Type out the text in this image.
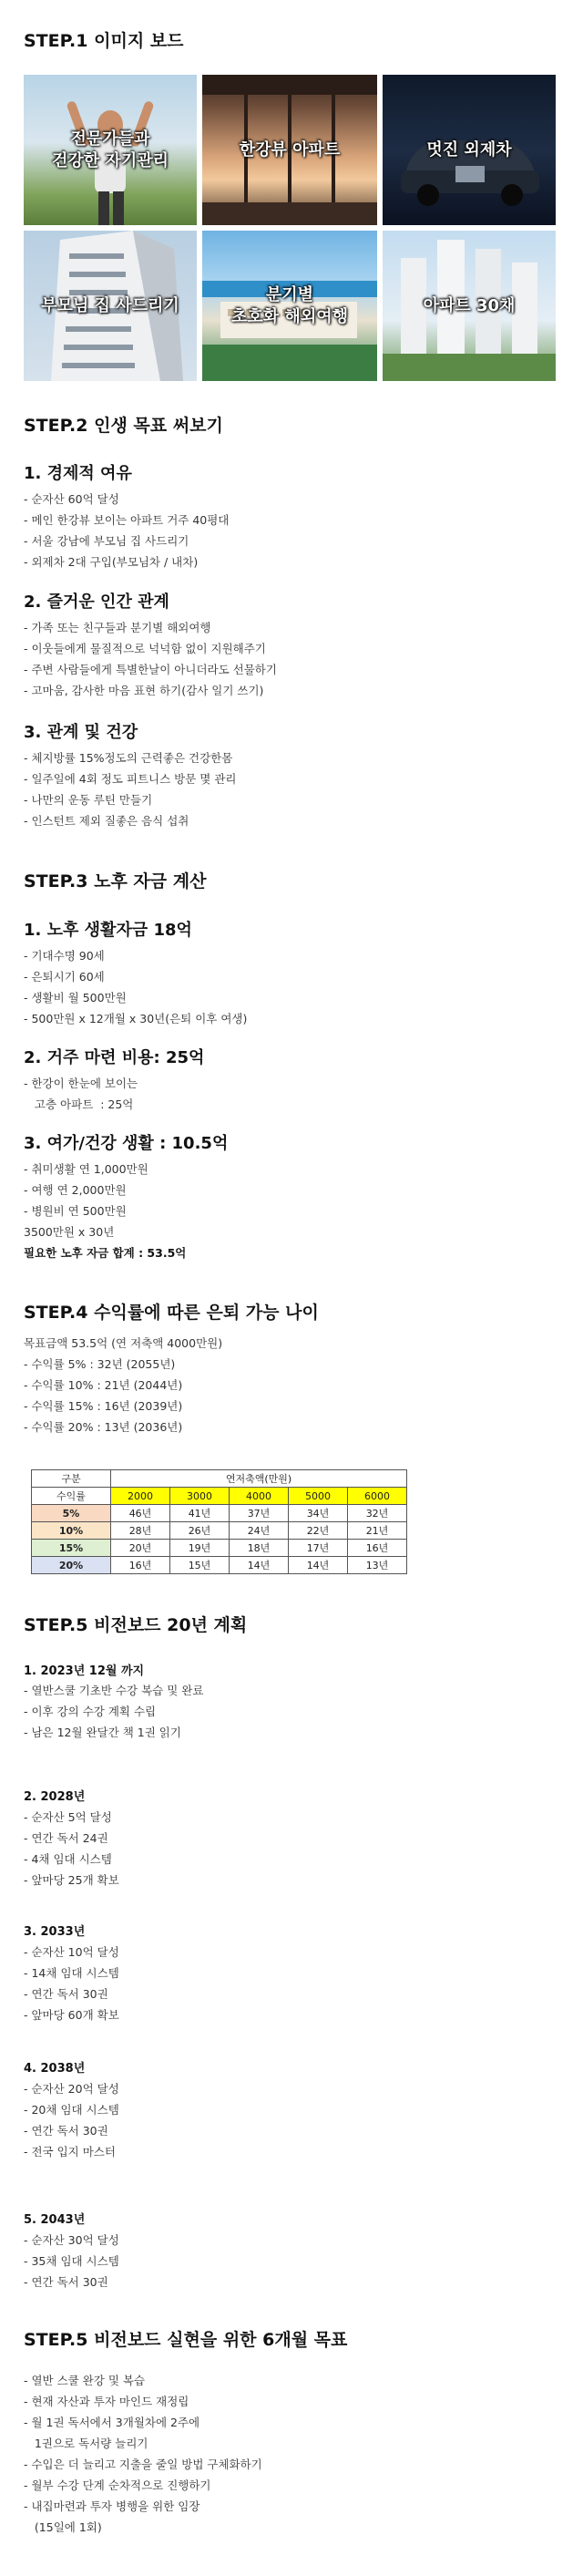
STEP.1 이미지 보드
전문가들과
건강한 자기관리
한강뷰 아파트	멋진 외제차
부모님 집 사드리기
분기별
초호화 해외여행
아파트 30채
STEP.2 인생 목표 써보기
1. 경제적 여유
- 순자산 60억 달성
- 메인 한강뷰 보이는 아파트 거주 40평대
- 서울 강남에 부모님 집 사드리기
- 외제차 2대 구입(부모님차 / 내차)
2. 즐거운 인간 관계
- 가족 또는 친구들과 분기별 해외여행
- 이웃들에게 물질적으로 넉넉함 없이 지원해주기
- 주변 사람들에게 특별한날이 아니더라도 선물하기
- 고마움, 감사한 마음 표현 하기(감사 일기 쓰기)
3. 관계 및 건강
- 체지방률 15%정도의 근력좋은 건강한몸
- 일주일에 4회 정도 피트니스 방문 몇 관리
- 나만의 운동 루틴 만들기
- 인스턴트 제외 질좋은 음식 섭취
STEP.3 노후 자금 계산
1. 노후 생활자금 18억
- 기대수명 90세
- 은퇴시기 60세
- 생활비 월 500만원
- 500만원 x 12개월 x 30년(은퇴 이후 여생)
2. 거주 마련 비용: 25억
- 한강이 한눈에 보이는
고층 아파트  : 25억
3. 여가/건강 생활 : 10.5억
- 취미생활 연 1,000만원
- 여행 연 2,000만원
- 병원비 연 500만원
3500만원 x 30년
필요한 노후 자금 합계 : 53.5억
STEP.4 수익률에 따른 은퇴 가능 나이
목표금액 53.5억 (연 저축액 4000만원)
- 수익률 5% : 32년 (2055년)
- 수익률 10% : 21년 (2044년)
- 수익률 15% : 16년 (2039년)
- 수익률 20% : 13년 (2036년)
구분	연저축액(만원)				
수익률	2000	3000	4000	5000	6000
5%	46년	41년	37년	34년	32년
10%	28년	26년	24년	22년	21년
15%	20년	19년	18년	17년	16년
20%	16년	15년	14년	14년	13년
STEP.5 비전보드 20년 계획
1. 2023년 12월 까지
- 열반스쿨 기초반 수강 복습 및 완료
- 이후 강의 수강 계획 수립
- 남은 12월 완달간 책 1권 읽기
2. 2028년
- 순자산 5억 달성
- 연간 독서 24권
- 4채 임대 시스템
- 앞마당 25개 확보
3. 2033년
- 순자산 10억 달성
- 14채 임대 시스템
- 연간 독서 30권
- 앞마당 60개 확보
4. 2038년
- 순자산 20억 달성
- 20채 임대 시스템
- 연간 독서 30권
- 전국 입지 마스터
5. 2043년
- 순자산 30억 달성
- 35채 임대 시스템
- 연간 독서 30권
STEP.5 비전보드 실현을 위한 6개월 목표
- 열반 스쿨 완강 및 복습
- 현재 자산과 투자 마인드 재정립
- 월 1권 독서에서 3개월차에 2주에
1권으로 독서량 늘리기
- 수입은 더 늘리고 지출을 줄일 방법 구체화하기
- 월부 수강 단계 순차적으로 진행하기
- 내집마련과 투자 병행을 위한 임장
(15일에 1회)
